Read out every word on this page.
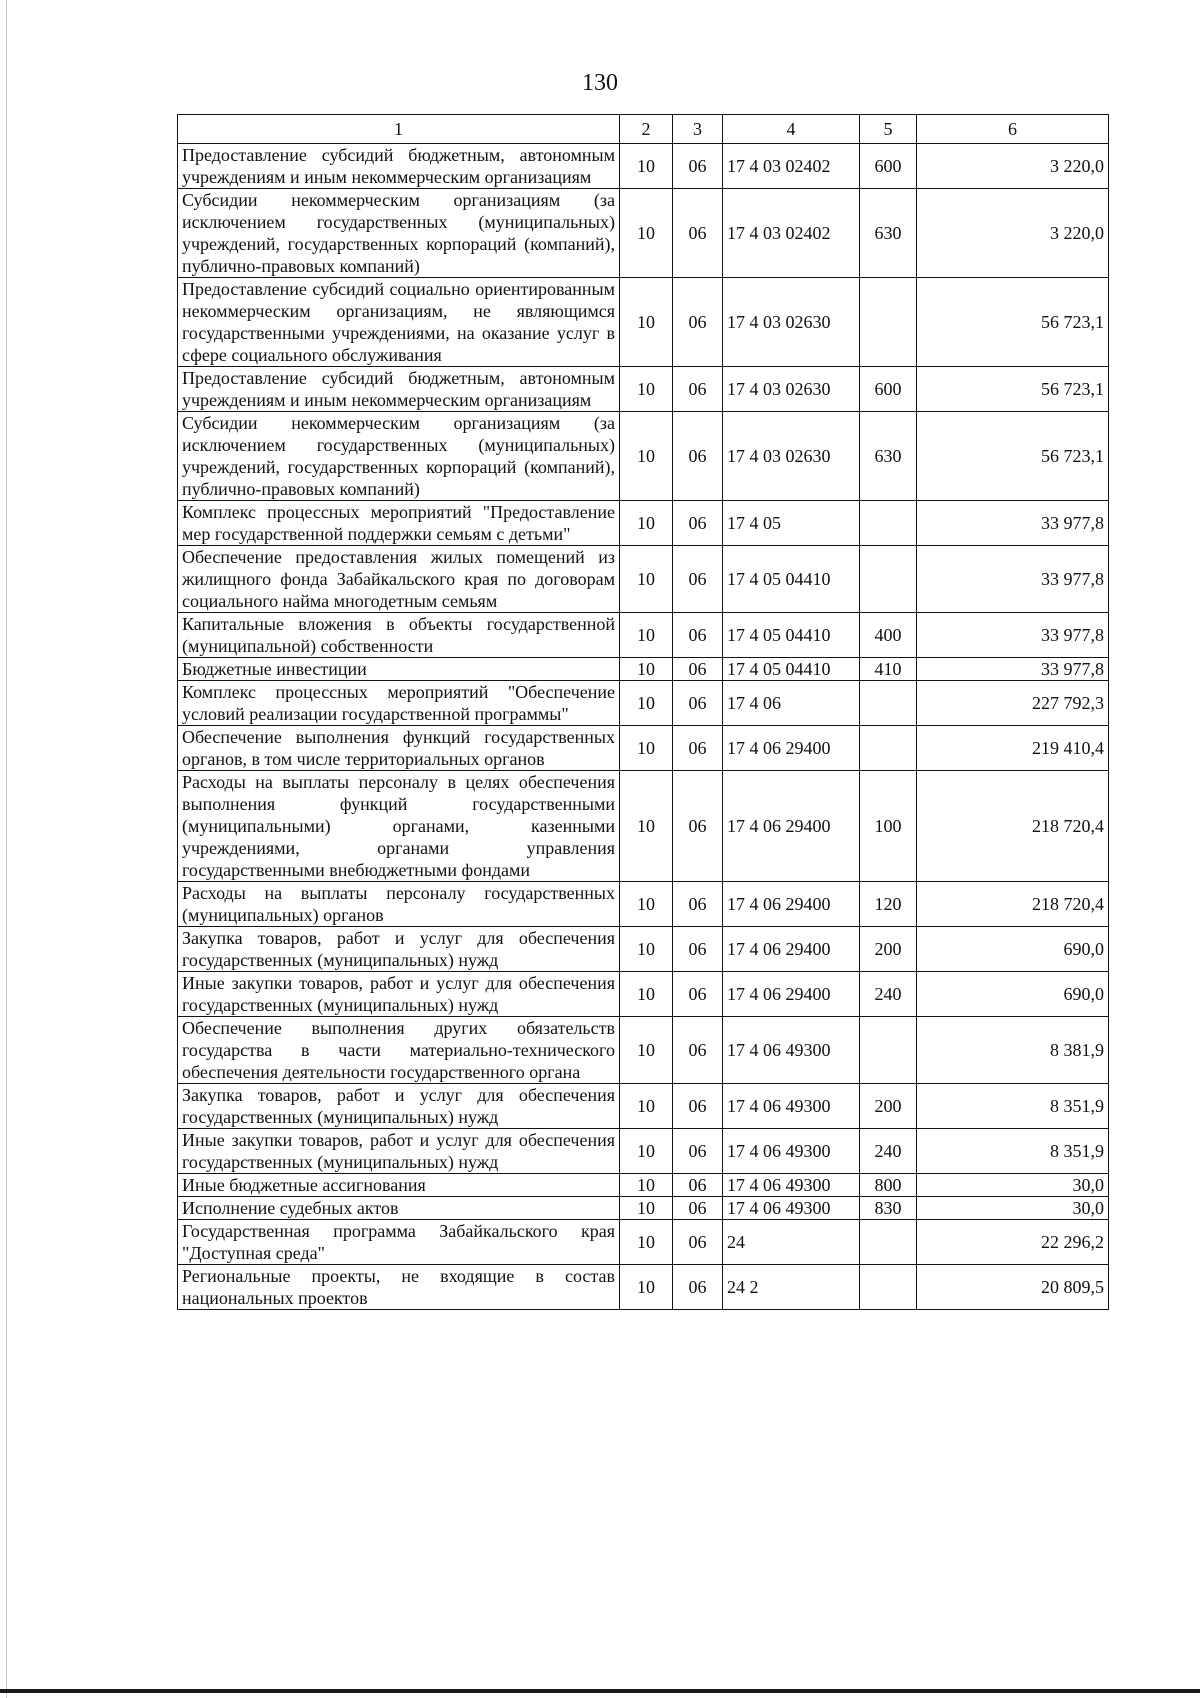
130
1	2	3	4	5	6
Предоставление субсидий бюджетным, автономным учреждениям и иным некоммерческим организациям	10	06	17 4 03 02402	600	3 220,0
Субсидии некоммерческим организациям (за исключением государственных (муниципальных) учреждений, государственных корпораций (компаний), публично-правовых компаний)	10	06	17 4 03 02402	630	3 220,0
Предоставление субсидий социально ориентированным некоммерческим организациям, не являющимся государственными учреждениями, на оказание услуг в сфере социального обслуживания	10	06	17 4 03 02630		56 723,1
Предоставление субсидий бюджетным, автономным учреждениям и иным некоммерческим организациям	10	06	17 4 03 02630	600	56 723,1
Субсидии некоммерческим организациям (за исключением государственных (муниципальных) учреждений, государственных корпораций (компаний), публично-правовых компаний)	10	06	17 4 03 02630	630	56 723,1
Комплекс процессных мероприятий "Предоставление мер государственной поддержки семьям с детьми"	10	06	17 4 05		33 977,8
Обеспечение предоставления жилых помещений из жилищного фонда Забайкальского края по договорам социального найма многодетным семьям	10	06	17 4 05 04410		33 977,8
Капитальные вложения в объекты государственной (муниципальной) собственности	10	06	17 4 05 04410	400	33 977,8
Бюджетные инвестиции	10	06	17 4 05 04410	410	33 977,8
Комплекс процессных мероприятий "Обеспечение условий реализации государственной программы"	10	06	17 4 06		227 792,3
Обеспечение выполнения функций государственных органов, в том числе территориальных органов	10	06	17 4 06 29400		219 410,4
Расходы на выплаты персоналу в целях обеспечения выполнения функций государственными (муниципальными) органами, казенными учреждениями, органами управления государственными внебюджетными фондами	10	06	17 4 06 29400	100	218 720,4
Расходы на выплаты персоналу государственных (муниципальных) органов	10	06	17 4 06 29400	120	218 720,4
Закупка товаров, работ и услуг для обеспечения государственных (муниципальных) нужд	10	06	17 4 06 29400	200	690,0
Иные закупки товаров, работ и услуг для обеспечения государственных (муниципальных) нужд	10	06	17 4 06 29400	240	690,0
Обеспечение выполнения других обязательств государства в части материально-технического обеспечения деятельности государственного органа	10	06	17 4 06 49300		8 381,9
Закупка товаров, работ и услуг для обеспечения государственных (муниципальных) нужд	10	06	17 4 06 49300	200	8 351,9
Иные закупки товаров, работ и услуг для обеспечения государственных (муниципальных) нужд	10	06	17 4 06 49300	240	8 351,9
Иные бюджетные ассигнования	10	06	17 4 06 49300	800	30,0
Исполнение судебных актов	10	06	17 4 06 49300	830	30,0
Государственная программа Забайкальского края "Доступная среда"	10	06	24		22 296,2
Региональные проекты, не входящие в состав национальных проектов	10	06	24 2		20 809,5
